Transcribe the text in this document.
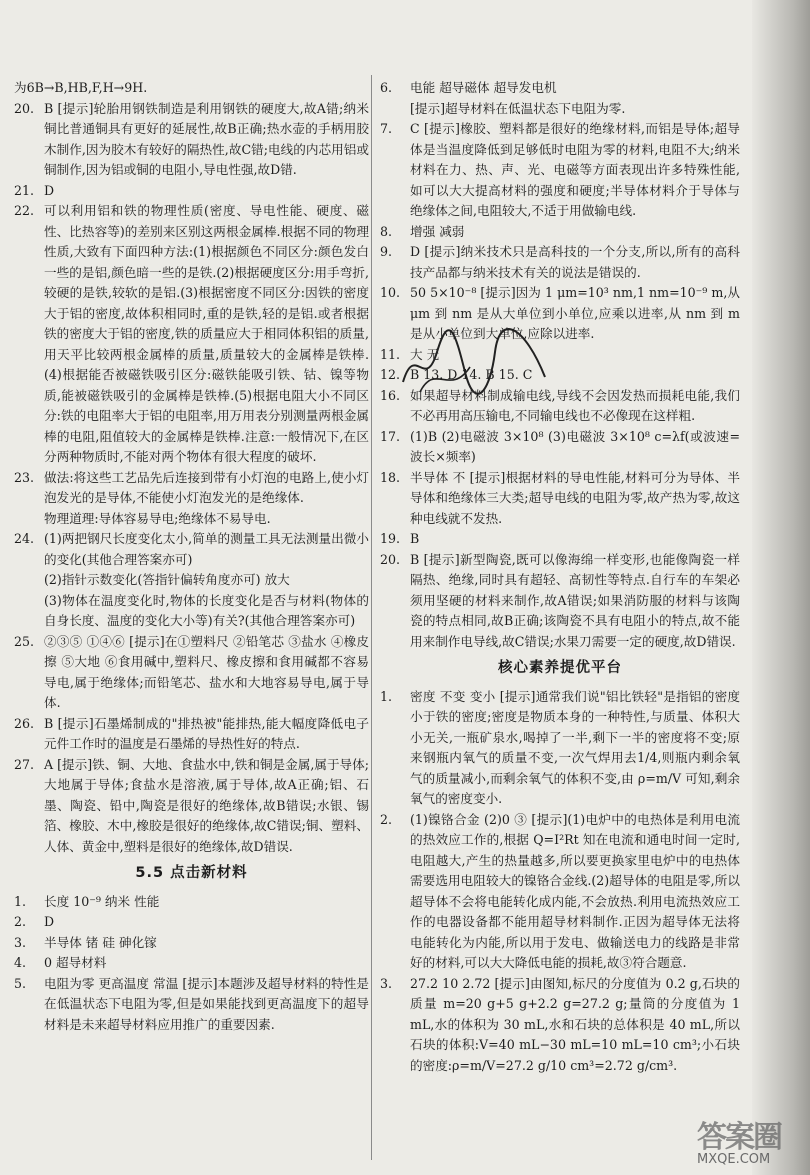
为6B→B,HB,F,H→9H.
20. B [提示]轮胎用钢铁制造是利用钢铁的硬度大,故A错;纳米铜比普通铜具有更好的延展性,故B正确;热水壶的手柄用胶木制作,因为胶木有较好的隔热性,故C错;电线的内芯用铝或铜制作,因为铝或铜的电阻小,导电性强,故D错.
21. D
22. 可以利用铝和铁的物理性质(密度、导电性能、硬度、磁性、比热容等)的差别来区别这两根金属棒.根据不同的物理性质,大致有下面四种方法:(1)根据颜色不同区分:颜色发白一些的是铝,颜色暗一些的是铁.(2)根据硬度区分:用手弯折,较硬的是铁,较软的是铝.(3)根据密度不同区分:因铁的密度大于铝的密度,故体积相同时,重的是铁,轻的是铝.或者根据铁的密度大于铝的密度,铁的质量应大于相同体积铝的质量,用天平比较两根金属棒的质量,质量较大的金属棒是铁棒.(4)根据能否被磁铁吸引区分:磁铁能吸引铁、钴、镍等物质,能被磁铁吸引的金属棒是铁棒.(5)根据电阻大小不同区分:铁的电阻率大于铝的电阻率,用万用表分别测量两根金属棒的电阻,阻值较大的金属棒是铁棒.注意:一般情况下,在区分两种物质时,不能对两个物体有很大程度的破坏.
23. 做法:将这些工艺品先后连接到带有小灯泡的电路上,使小灯泡发光的是导体,不能使小灯泡发光的是绝缘体.
物理道理:导体容易导电;绝缘体不易导电.
24. (1)两把钢尺长度变化太小,简单的测量工具无法测量出微小的变化(其他合理答案亦可)
(2)指针示数变化(答指针偏转角度亦可) 放大
(3)物体在温度变化时,物体的长度变化是否与材料(物体的自身长度、温度的变化大小等)有关?(其他合理答案亦可)
25. ②③⑤ ①④⑥ [提示]在①塑料尺 ②铅笔芯 ③盐水 ④橡皮擦 ⑤大地 ⑥食用碱中,塑料尺、橡皮擦和食用碱都不容易导电,属于绝缘体;而铅笔芯、盐水和大地容易导电,属于导体.
26. B [提示]石墨烯制成的"排热被"能排热,能大幅度降低电子元件工作时的温度是石墨烯的导热性好的特点.
27. A [提示]铁、铜、大地、食盐水中,铁和铜是金属,属于导体;大地属于导体;食盐水是溶液,属于导体,故A正确;铝、石墨、陶瓷、铅中,陶瓷是很好的绝缘体,故B错误;水银、锡箔、橡胶、木中,橡胶是很好的绝缘体,故C错误;铜、塑料、人体、黄金中,塑料是很好的绝缘体,故D错误.
5.5 点击新材料
1.	长度 10⁻⁹ 纳米 性能
2.	D
3.	半导体 锗 硅 砷化镓
4.	0 超导材料
5.	电阻为零 更高温度 常温 [提示]本题涉及超导材料的特性是在低温状态下电阻为零,但是如果能找到更高温度下的超导材料是未来超导材料应用推广的重要因素.
6.	电能 超导磁体 超导发电机
[提示]超导材料在低温状态下电阻为零.
7.	C [提示]橡胶、塑料都是很好的绝缘材料,而铝是导体;超导体是当温度降低到足够低时电阻为零的材料,电阻不大;纳米材料在力、热、声、光、电磁等方面表现出许多特殊性能,如可以大大提高材料的强度和硬度;半导体材料介于导体与绝缘体之间,电阻较大,不适于用做输电线.
8.	增强 减弱
9.	D [提示]纳米技术只是高科技的一个分支,所以,所有的高科技产品都与纳米技术有关的说法是错误的.
10. 50 5×10⁻⁸ [提示]因为 1 μm=10³ nm,1 nm=10⁻⁹ m,从 μm 到 nm 是从大单位到小单位,应乘以进率,从 nm 到 m 是从小单位到大单位,应除以进率.
11. 大 无
12. B 13. D 14. B 15. C
16. 如果超导材料制成输电线,导线不会因发热而损耗电能,我们不必再用高压输电,不同输电线也不必像现在这样粗.
17. (1)B (2)电磁波 3×10⁸ (3)电磁波 3×10⁸ c=λf(或波速=波长×频率)
18. 半导体 不 [提示]根据材料的导电性能,材料可分为导体、半导体和绝缘体三大类;超导电线的电阻为零,故产热为零,故这种电线就不发热.
19. B
20. B [提示]新型陶瓷,既可以像海绵一样变形,也能像陶瓷一样隔热、绝缘,同时具有超轻、高韧性等特点.自行车的车架必须用坚硬的材料来制作,故A错误;如果消防服的材料与该陶瓷的特点相同,故B正确;该陶瓷不具有电阻小的特点,故不能用来制作电导线,故C错误;水果刀需要一定的硬度,故D错误.
核心素养提优平台
1.	密度 不变 变小 [提示]通常我们说"铝比铁轻"是指铝的密度小于铁的密度;密度是物质本身的一种特性,与质量、体积大小无关,一瓶矿泉水,喝掉了一半,剩下一半的密度将不变;原来钢瓶内氧气的质量不变,一次气焊用去1/4,则瓶内剩余氧气的质量减小,而剩余氧气的体积不变,由 ρ=m/V 可知,剩余氧气的密度变小.
2.	(1)镍铬合金 (2)0 ③ [提示](1)电炉中的电热体是利用电流的热效应工作的,根据 Q=I²Rt 知在电流和通电时间一定时,电阻越大,产生的热量越多,所以要更换家里电炉中的电热体需要选用电阻较大的镍铬合金线.(2)超导体的电阻是零,所以超导体不会将电能转化成内能,不会放热.利用电流热效应工作的电器设备都不能用超导材料制作.正因为超导体无法将电能转化为内能,所以用于发电、做输送电力的线路是非常好的材料,可以大大降低电能的损耗,故③符合题意.
3.	27.2 10 2.72 [提示]由图知,标尺的分度值为 0.2 g,石块的质量 m=20 g+5 g+2.2 g=27.2 g;量筒的分度值为 1 mL,水的体积为 30 mL,水和石块的总体积是 40 mL,所以石块的体积:V=40 mL−30 mL=10 mL=10 cm³;小石块的密度:ρ=m/V=27.2 g/10 cm³=2.72 g/cm³.
答案圈
MXQE.COM
